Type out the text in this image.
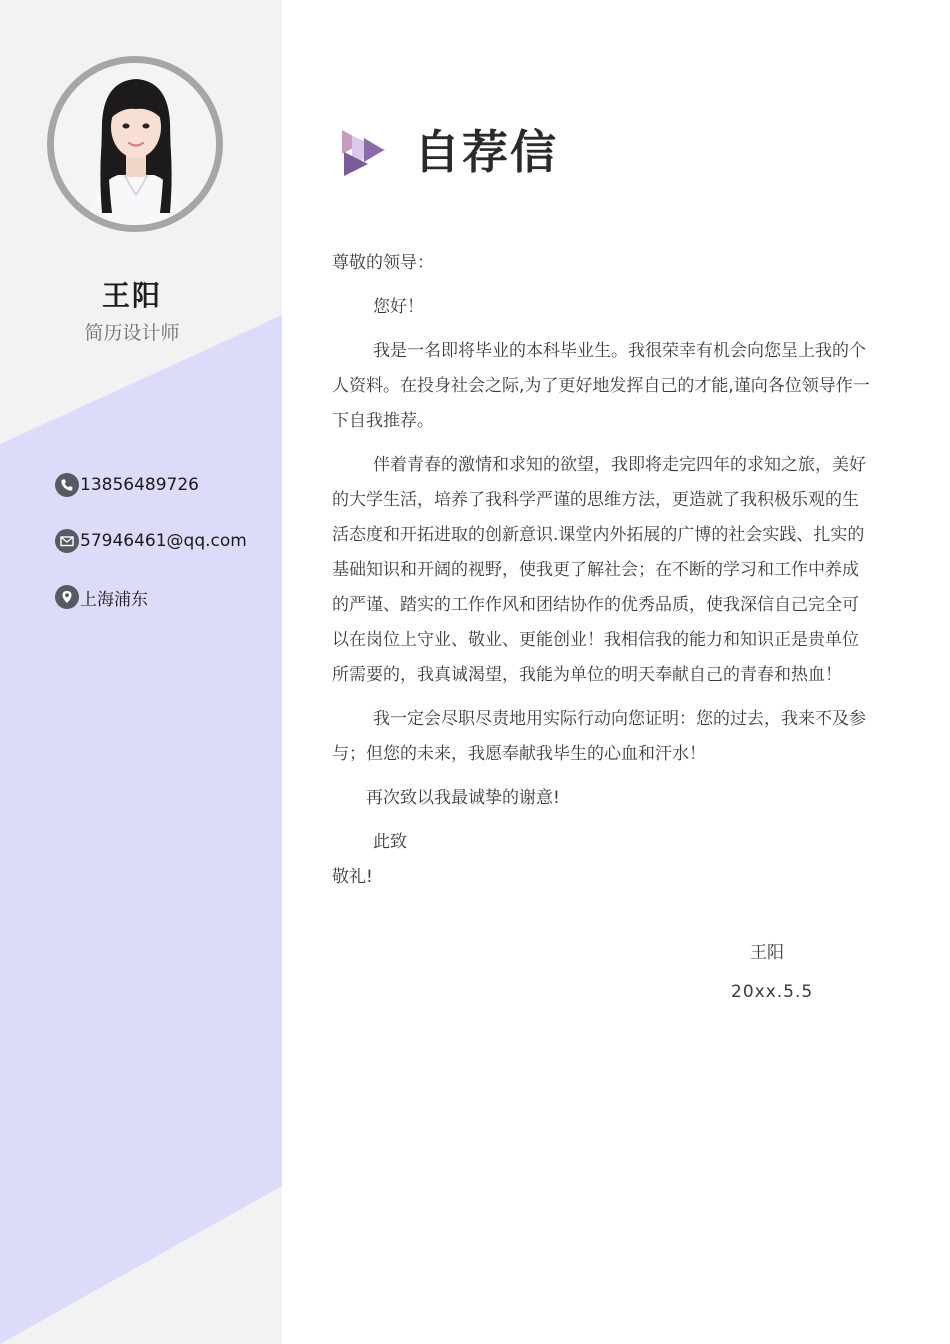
王阳
简历设计师
13856489726
57946461@qq.com
上海浦东
自荐信

尊敬的领导：

您好！

我是一名即将毕业的本科毕业生。我很荣幸有机会向您呈上我的个人资料。在投身社会之际,为了更好地发挥自己的才能,谨向各位领导作一下自我推荐。

伴着青春的激情和求知的欲望，我即将走完四年的求知之旅，美好的大学生活，培养了我科学严谨的思维方法，更造就了我积极乐观的生活态度和开拓进取的创新意识.课堂内外拓展的广博的社会实践、扎实的基础知识和开阔的视野，使我更了解社会；在不断的学习和工作中养成的严谨、踏实的工作作风和团结协作的优秀品质，使我深信自己完全可以在岗位上守业、敬业、更能创业！我相信我的能力和知识正是贵单位所需要的，我真诚渴望，我能为单位的明天奉献自己的青春和热血！

我一定会尽职尽责地用实际行动向您证明：您的过去，我来不及参与；但您的未来，我愿奉献我毕生的心血和汗水！

再次致以我最诚挚的谢意!

此致

敬礼!

王阳
20xx.5.5
